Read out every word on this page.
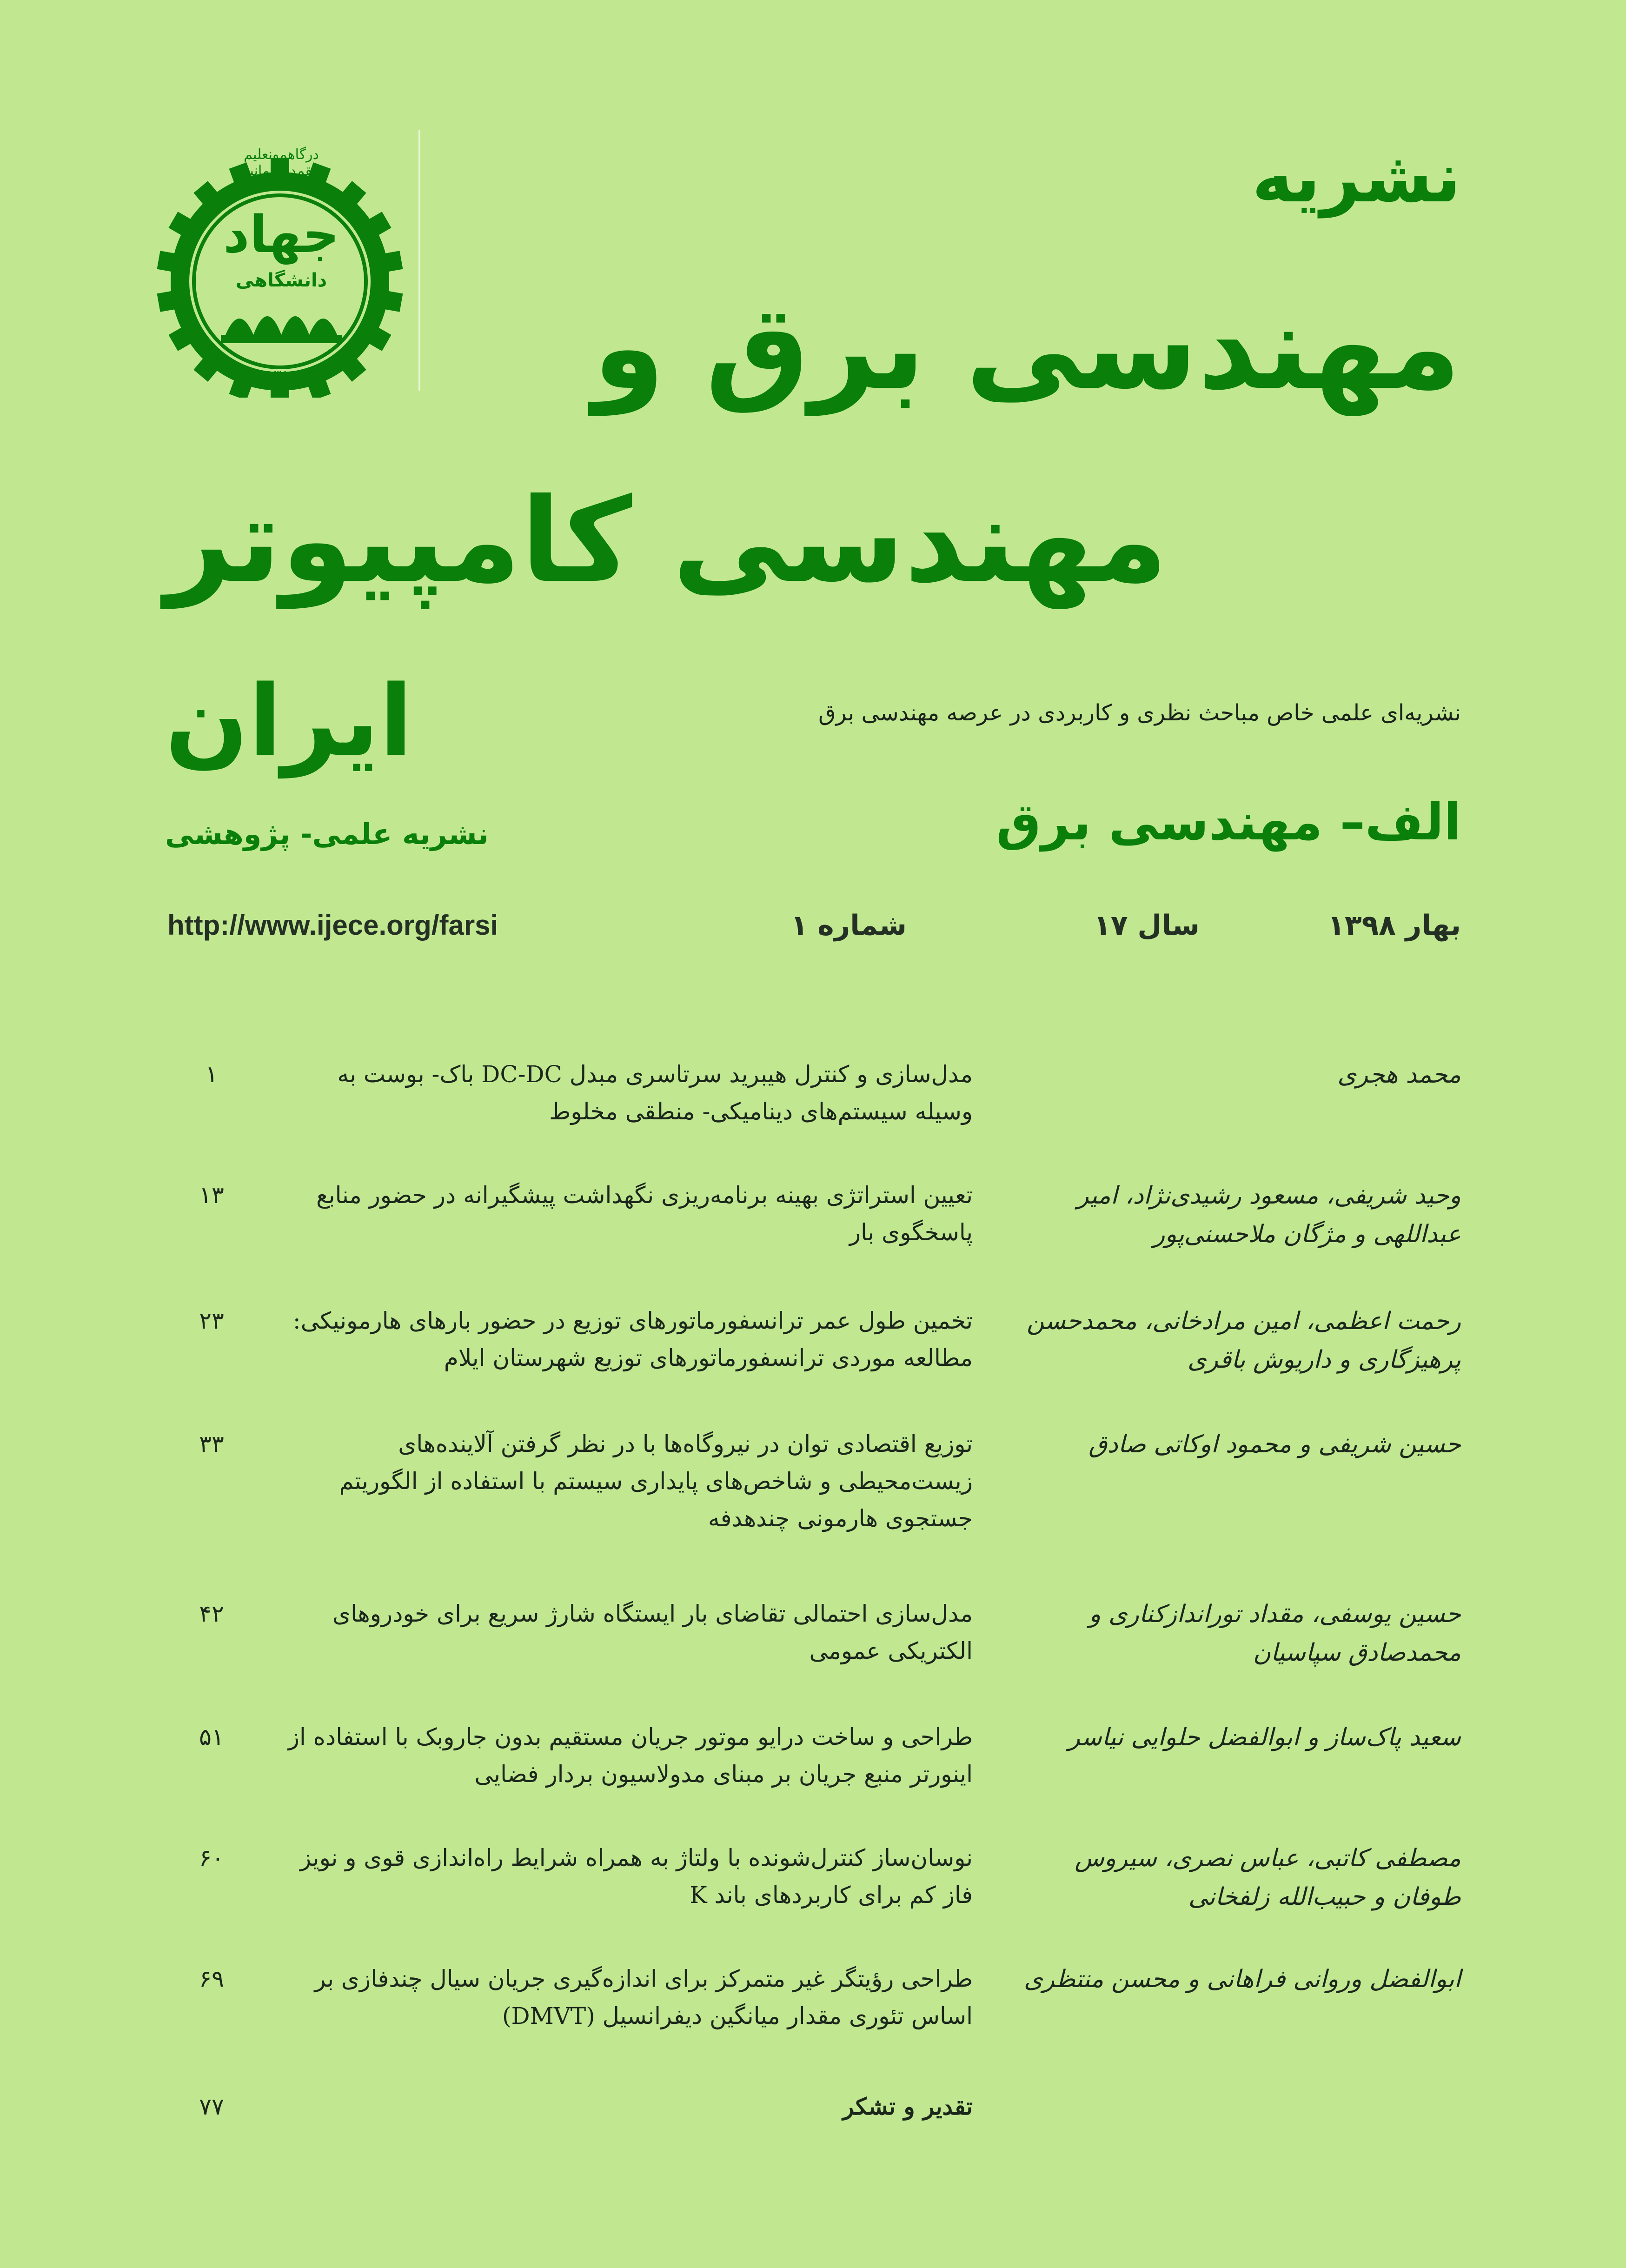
جهاد
دانشگاهی
۱۳۵۹
درگاهمونعلیم القمدالیزمانیر	نشریه
مهندسی برق و
مهندسی کامپیوتر
ایران	نشریه‌ای علمی خاص مباحث نظری و کاربردی در عرصه مهندسی برق
الف– مهندسی برق
نشریه علمی- پژوهشی
بهار ۱۳۹۸
سال ۱۷
شماره ۱
http://www.ijece.org/farsi
محمد هجری
مدل‌سازی و کنترل هیبرید سرتاسری مبدل DC-DC باک- بوست به وسیله سیستم‌های دینامیکی- منطقی مخلوط
۱
وحید شریفی، مسعود رشیدی‌نژاد، امیر عبداللهی و مژگان ملاحسنی‌پور
تعیین استراتژی بهینه برنامه‌ریزی نگهداشت پیشگیرانه در حضور منابع پاسخگوی بار
۱۳
رحمت اعظمی، امین مرادخانی، محمدحسن پرهیزگاری و داریوش باقری
تخمین طول عمر ترانسفورماتورهای توزیع در حضور بارهای هارمونیکی: مطالعه موردی ترانسفورماتورهای توزیع شهرستان ایلام
۲۳
حسین شریفی و محمود اوکاتی صادق
توزیع اقتصادی توان در نیروگاه‌ها با در نظر گرفتن آلاینده‌های زیست‌محیطی و شاخص‌های پایداری سیستم با استفاده از الگوریتم جستجوی هارمونی چندهدفه
۳۳
حسین یوسفی، مقداد توراندازکناری و محمدصادق سپاسیان
مدل‌سازی احتمالی تقاضای بار ایستگاه شارژ سریع برای خودروهای الکتریکی عمومی
۴۲
سعید پاک‌ساز و ابوالفضل حلوایی نیاسر
طراحی و ساخت درایو موتور جریان مستقیم بدون جاروبک با استفاده از اینورتر منبع جریان بر مبنای مدولاسیون بردار فضایی
۵۱
مصطفی کاتبی، عباس نصری، سیروس طوفان و حبیب‌الله زلفخانی
نوسان‌ساز کنترل‌شونده با ولتاژ به همراه شرایط راه‌اندازی قوی و نویز فاز کم برای کاربردهای باند K
۶۰
ابوالفضل وروانی فراهانی و محسن منتظری
طراحی رؤیتگر غیر متمرکز برای اندازه‌گیری جریان سیال چندفازی بر اساس تئوری مقدار میانگین دیفرانسیل (DMVT)
۶۹
تقدیر و تشکر
۷۷
